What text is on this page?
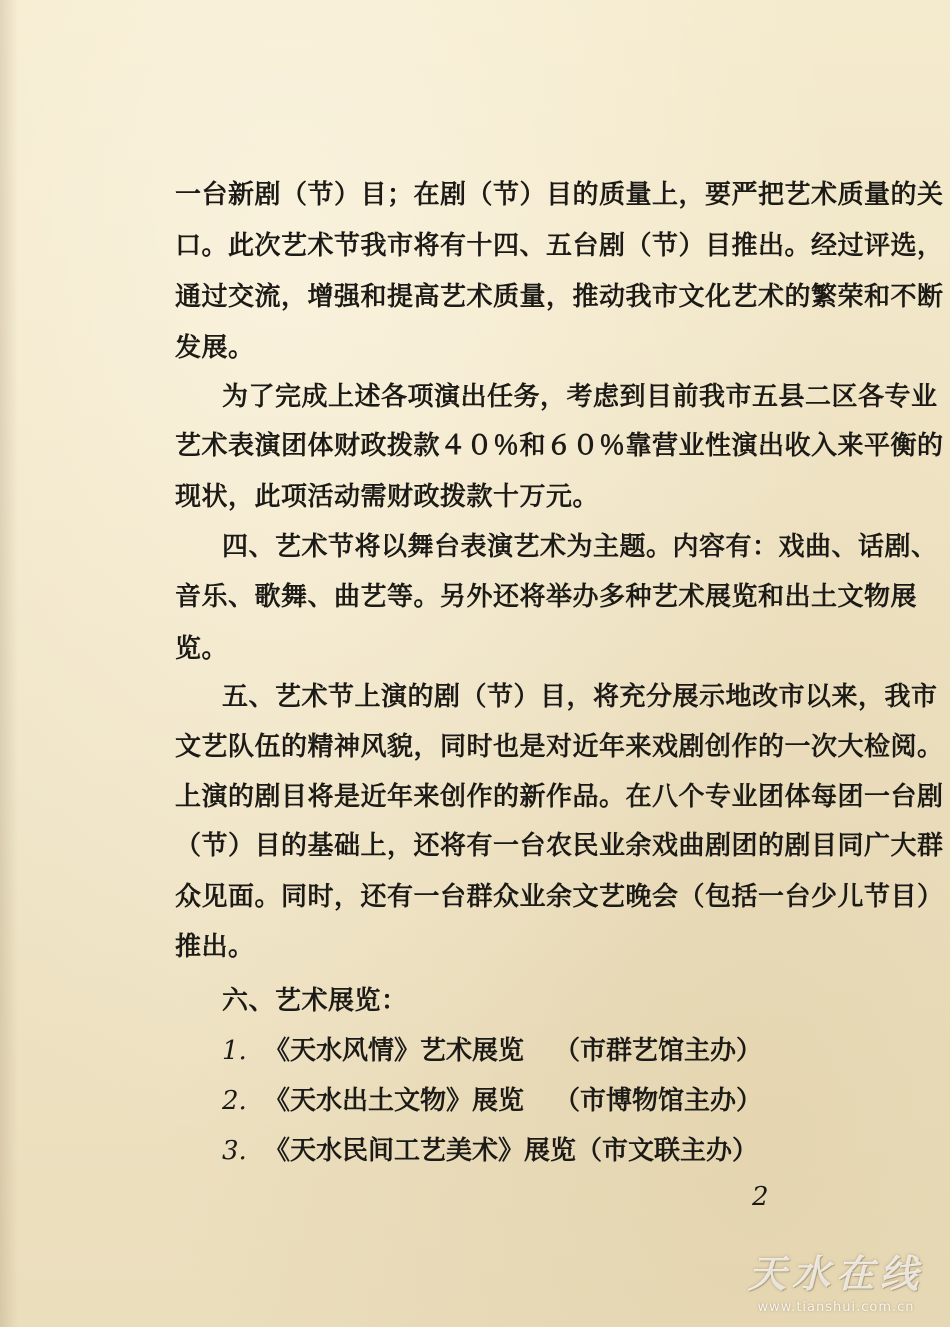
一台新剧（节）目；在剧（节）目的质量上，要严把艺术质量的关
口。此次艺术节我市将有十四、五台剧（节）目推出。经过评选，
通过交流，增强和提高艺术质量，推动我市文化艺术的繁荣和不断
发展。
为了完成上述各项演出任务，考虑到目前我市五县二区各专业
艺术表演团体财政拨款４０％和６０％靠营业性演出收入来平衡的
现状，此项活动需财政拨款十万元。
四、艺术节将以舞台表演艺术为主题。内容有：戏曲、话剧、
音乐、歌舞、曲艺等。另外还将举办多种艺术展览和出土文物展
览。
五、艺术节上演的剧（节）目，将充分展示地改市以来，我市
文艺队伍的精神风貌，同时也是对近年来戏剧创作的一次大检阅。
上演的剧目将是近年来创作的新作品。在八个专业团体每团一台剧
（节）目的基础上，还将有一台农民业余戏曲剧团的剧目同广大群
众见面。同时，还有一台群众业余文艺晚会（包括一台少儿节目）
推出。
六、艺术展览：
1. 《天水风情》艺术展览 （市群艺馆主办）
2. 《天水出土文物》展览 （市博物馆主办）
3. 《天水民间工艺美术》展览（市文联主办）
2
天水在线
www.tianshui.com.cn
